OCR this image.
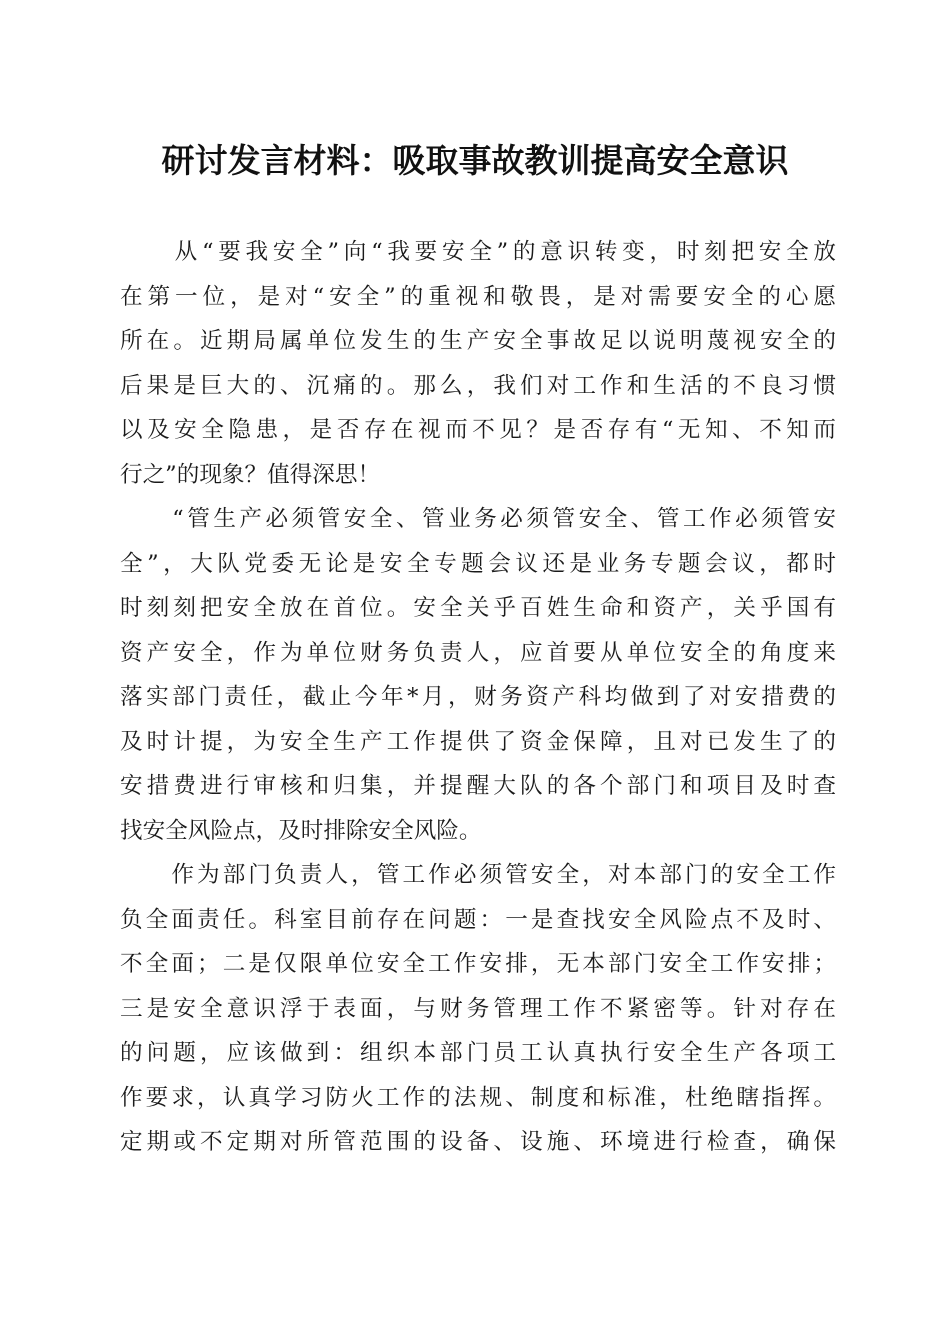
研讨发言材料：吸取事故教训提高安全意识
　　从“要我安全”向“我要安全”的意识转变，时刻把安全放
在第一位，是对“安全”的重视和敬畏，是对需要安全的心愿
所在。近期局属单位发生的生产安全事故足以说明蔑视安全的
后果是巨大的、沉痛的。那么，我们对工作和生活的不良习惯
以及安全隐患，是否存在视而不见？是否存有“无知、不知而
行之”的现象？值得深思！
　　“管生产必须管安全、管业务必须管安全、管工作必须管安
全”，大队党委无论是安全专题会议还是业务专题会议，都时
时刻刻把安全放在首位。安全关乎百姓生命和资产，关乎国有
资产安全，作为单位财务负责人，应首要从单位安全的角度来
落实部门责任，截止今年*月，财务资产科均做到了对安措费的
及时计提，为安全生产工作提供了资金保障，且对已发生了的
安措费进行审核和归集，并提醒大队的各个部门和项目及时查
找安全风险点，及时排除安全风险。
　　作为部门负责人，管工作必须管安全，对本部门的安全工作
负全面责任。科室目前存在问题：一是查找安全风险点不及时、
不全面；二是仅限单位安全工作安排，无本部门安全工作安排；
三是安全意识浮于表面，与财务管理工作不紧密等。针对存在
的问题，应该做到：组织本部门员工认真执行安全生产各项工
作要求，认真学习防火工作的法规、制度和标准，杜绝瞎指挥。
定期或不定期对所管范围的设备、设施、环境进行检查，确保
